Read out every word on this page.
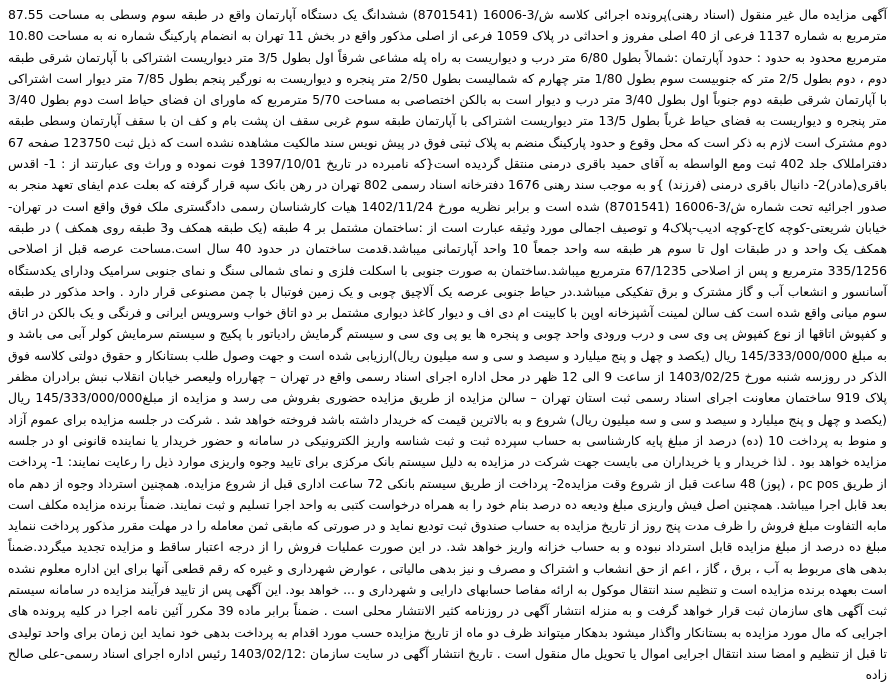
آگهی مزایده مال غیر منقول (اسناد رهنی)پرونده اجرائی کلاسه ش/3-16006 (8701541) ششدانگ یک دستگاه آپارتمان واقع در طبقه سوم وسطی به مساحت 87.55 مترمربع به شماره 1137 فرعی از 40 اصلی مفروز و احداثی در پلاک 1059 فرعی از اصلی مذکور واقع در بخش 11 تهران به انضمام پارکینگ شماره نه به مساحت 10.80 مترمربع محدود به حدود : حدود آپارتمان :شمالاً بطول 6/80 متر درب و دیواریست به راه پله مشاعی شرقاً اول بطول 3/5 متر دیواریست اشتراکی با آپارتمان شرقی طبقه دوم ، دوم بطول 2/5 متر که جنوبیست سوم بطول 1/80 متر چهارم که شمالیست بطول 2/50 متر پنجره و دیواریست به نورگیر پنجم بطول 7/85 متر دیوار است اشتراکی با آپارتمان شرقی طبقه دوم جنوباً اول بطول 3/40 متر درب و دیوار است به بالکن اختصاصی به مساحت 5/70 مترمربع که ماورای ان فضای حیاط است دوم بطول 3/40 متر پنجره و دیواریست به فضای حیاط غرباً بطول 13/5 متر دیواریست اشتراکی با آپارتمان طبقه سوم غربی سقف ان پشت بام و کف ان با سقف آپارتمان وسطی طبقه دوم مشترک است لازم به ذکر است که محل وقوع و حدود پارکینگ منضم به پلاک ثبتی فوق در پیش نویس سند مالکیت مشاهده نشده است که ذیل ثبت 123750 صفحه 67 دفترامللاک جلد 402 ثبت ومع الواسطه به آقای حمید باقری درمنی منتقل گردیده است{که نامبرده در تاریخ 1397/10/01 فوت نموده و وراث وی عبارتند از : 1- اقدس باقری(مادر)2- دانیال باقری درمنی (فرزند) }و به موجب سند رهنی 1676 دفترخانه اسناد رسمی 802 تهران در رهن بانک سپه قرار گرفته که بعلت عدم ایفای تعهد منجر به صدور اجرائیه تحت شماره ش/3-16006 (8701541) شده است و برابر نظریه مورخ 1402/11/24 هیات کارشناسان رسمی دادگستری ملک فوق واقع است در تهران- خیابان شریعتی-کوچه کاج-کوچه ادیب-پلاک4 و توصیف اجمالی مورد وثیقه عبارت است از :ساختمان مشتمل بر 4 طبقه (یک طبقه همکف و3 طبقه روی همکف ) در طبقه همکف یک واحد و در طبقات اول تا سوم هر طبقه سه واحد جمعاً 10 واحد آپارتمانی میباشد.قدمت ساختمان در حدود 40 سال است.مساحت عرصه قبل از اصلاحی 335/1256 مترمربع و پس از اصلاحی 67/1235 مترمربع میباشد.ساختمان به صورت جنوبی با اسکلت فلزی و نمای شمالی سنگ و نمای جنوبی سرامیک ودارای یکدستگاه آسانسور و انشعاب آب و گاز مشترک و برق تفکیکی میباشد.در حیاط جنوبی عرصه یک آلاچیق چوبی و یک زمین فوتبال با چمن مصنوعی قرار دارد . واحد مذکور در طبقه سوم میانی واقع شده است کف سالن لمینت آشپزخانه اوپن با کابینت ام دی اف و دیوار کاغذ دیواری مشتمل بر دو اتاق خواب وسرویس ایرانی و فرنگی و یک بالکن در اتاق و کفپوش اتاقها از نوع کفپوش پی وی سی و درب ورودی واحد چوبی و پنجره ها یو پی وی سی و سیستم گرمایش رادیاتور با پکیج و سیستم سرمایش کولر آبی می باشد و به مبلغ 145/333/000/000 ریال (یکصد و چهل و پنج میلیارد و سیصد و سی و سه میلیون ریال)ارزیابی شده است و جهت وصول طلب بستانکار و حقوق دولتی کلاسه فوق الذکر در روزسه شنبه مورخ 1403/02/25 از ساعت 9 الی 12 ظهر در محل اداره اجرای اسناد رسمی واقع در تهران – چهارراه ولیعصر خیابان انقلاب نبش برادران مظفر پلاک 919 ساختمان معاونت اجرای اسناد رسمی ثبت استان تهران – سالن مزایده از طریق مزایده حضوری بفروش می رسد و مزایده از مبلغ145/333/000/000 ریال (یکصد و چهل و پنج میلیارد و سیصد و سی و سه میلیون ریال) شروع و به بالاترین قیمت که خریدار داشته باشد فروخته خواهد شد . شرکت در جلسه مزایده برای عموم آزاد و منوط به پرداخت 10 (ده) درصد از مبلغ پایه کارشناسی به حساب سپرده ثبت و ثبت شناسه واریز الکترونیکی در سامانه و حضور خریدار یا نماینده قانونی او در جلسه مزایده خواهد بود . لذا خریدار و یا خریداران می بایست جهت شرکت در مزایده به دلیل سیستم بانک مرکزی برای تایید وجوه واریزی موارد ذیل را رعایت نمایند: 1- پرداخت از طریق pc pos ، (پوز) 48 ساعت قبل از شروع وقت مزایده2- پرداخت از طریق سیستم بانکی 72 ساعت اداری قبل از شروع مزایده. همچنین استرداد وجوه از دهم ماه بعد قابل اجرا میباشد. همچنین اصل فیش واریزی مبلغ ودیعه ده درصد بنام خود را به همراه درخواست کتبی به واحد اجرا تسلیم و ثبت نمایند. ضمناً برنده مزایده مکلف است مابه التفاوت مبلغ فروش را ظرف مدت پنج روز از تاریخ مزایده به حساب صندوق ثبت تودیع نماید و در صورتی که مابقی ثمن معامله را در مهلت مقرر مذکور پرداخت ننماید مبلغ ده درصد از مبلغ مزایده قابل استرداد نبوده و به حساب خزانه واریز خواهد شد. در این صورت عملیات فروش را از درجه اعتبار ساقط و مزایده تجدید میگردد.ضمناً بدهی های مربوط به آب ، برق ، گاز ، اعم از حق انشعاب و اشتراک و مصرف و نیز بدهی مالیاتی ، عوارض شهرداری و غیره که رقم قطعی آنها برای این اداره معلوم نشده است بعهده برنده مزایده است و تنظیم سند انتقال موکول به ارائه مفاصا حسابهای دارایی و شهرداری و ... خواهد بود. این آگهی پس از تایید فرآیند مزایده در سامانه سیستم ثبت آگهی های سازمان ثبت قرار خواهد گرفت و به منزله انتشار آگهی در روزنامه کثیر الانتشار محلی است . ضمناً برابر ماده 39 مکرر آئین نامه اجرا در کلیه پرونده های اجرایی که مال مورد مزایده به بستانکار واگذار میشود بدهکار میتواند ظرف دو ماه از تاریخ مزایده حسب مورد اقدام به پرداخت بدهی خود نماید این زمان برای واحد تولیدی تا قبل از تنظیم و امضا سند انتقال اجرایی اموال یا تحویل مال منقول است . تاریخ انتشار آگهی در سایت سازمان :1403/02/12 رئیس اداره اجرای اسناد رسمی-علی صالح زاده
